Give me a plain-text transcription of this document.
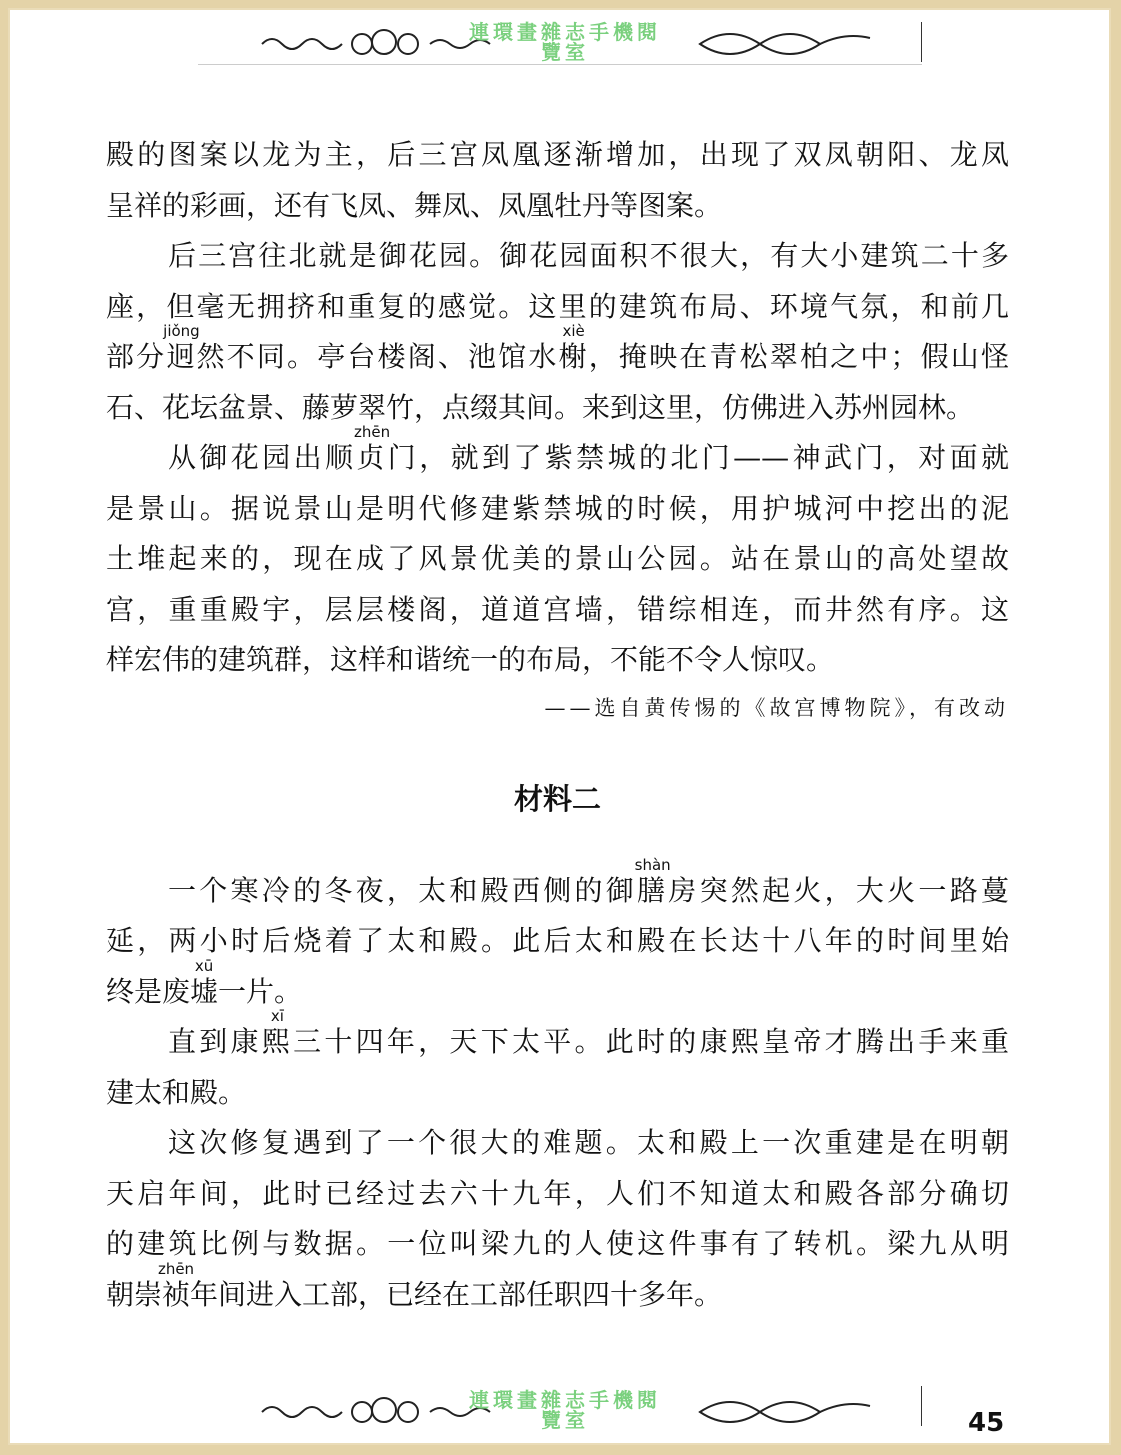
連環畫雜志手機閱
覽室
殿的图案以龙为主，后三宫凤凰逐渐增加，出现了双凤朝阳、龙凤
呈祥的彩画，还有飞凤、舞凤、凤凰牡丹等图案。
后三宫往北就是御花园。御花园面积不很大，有大小建筑二十多
座，但毫无拥挤和重复的感觉。这里的建筑布局、环境气氛，和前几
部分
jiǒng
迥然不同。亭台楼阁、池馆水
xiè
榭，掩映在青松翠柏之中；假山怪
石、花坛盆景、藤萝翠竹，点缀其间。来到这里，仿佛进入苏州园林。
从御花园出顺
zhēn
贞门，就到了紫禁城的北门——神武门，对面就
是景山。据说景山是明代修建紫禁城的时候，用护城河中挖出的泥
土堆起来的，现在成了风景优美的景山公园。站在景山的高处望故
宫，重重殿宇，层层楼阁，道道宫墙，错综相连，而井然有序。这
样宏伟的建筑群，这样和谐统一的布局，不能不令人惊叹。
——选自黄传惕的《故宫博物院》，有改动
材料二
一个寒冷的冬夜，太和殿西侧的御
shàn
膳房突然起火，大火一路蔓
延，两小时后烧着了太和殿。此后太和殿在长达十八年的时间里始
终是废
xū
墟一片。
直到康
xī
熙三十四年，天下太平。此时的康熙皇帝才腾出手来重
建太和殿。
这次修复遇到了一个很大的难题。太和殿上一次重建是在明朝
天启年间，此时已经过去六十九年，人们不知道太和殿各部分确切
的建筑比例与数据。一位叫梁九的人使这件事有了转机。梁九从明
朝崇
zhēn
祯年间进入工部，已经在工部任职四十多年。
連環畫雜志手機閱
覽室	45
